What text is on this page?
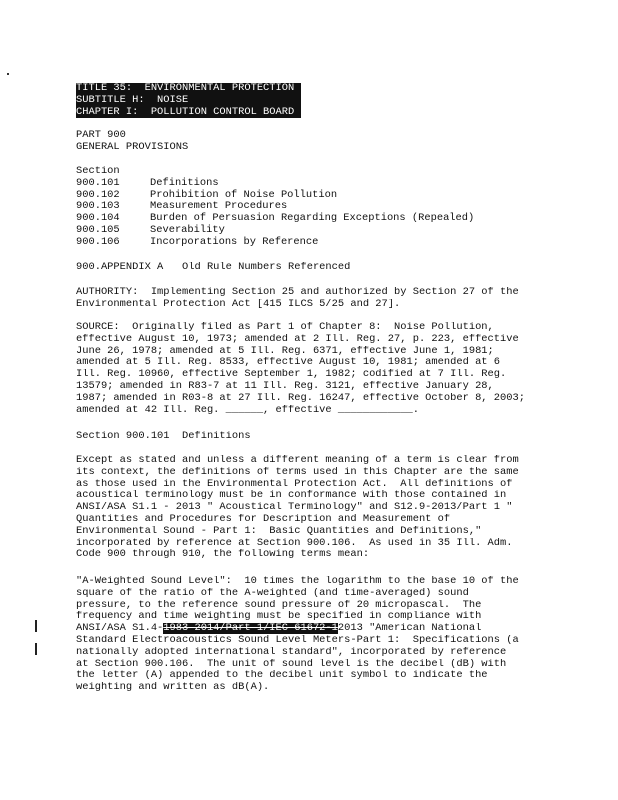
TITLE 35:  ENVIRONMENTAL PROTECTION
SUBTITLE H:  NOISE
CHAPTER I:  POLLUTION CONTROL BOARD
PART 900
GENERAL PROVISIONS
Section
900.101	Definitions
900.102	Prohibition of Noise Pollution
900.103	Measurement Procedures
900.104	Burden of Persuasion Regarding Exceptions (Repealed)
900.105	Severability
900.106	Incorporations by Reference
900.APPENDIX A   Old Rule Numbers Referenced
AUTHORITY:  Implementing Section 25 and authorized by Section 27 of the
Environmental Protection Act [415 ILCS 5/25 and 27].
SOURCE:  Originally filed as Part 1 of Chapter 8:  Noise Pollution,
effective August 10, 1973; amended at 2 Ill. Reg. 27, p. 223, effective
June 26, 1978; amended at 5 Ill. Reg. 6371, effective June 1, 1981;
amended at 5 Ill. Reg. 8533, effective August 10, 1981; amended at 6
Ill. Reg. 10960, effective September 1, 1982; codified at 7 Ill. Reg.
13579; amended in R83-7 at 11 Ill. Reg. 3121, effective January 28,
1987; amended in R03-8 at 27 Ill. Reg. 16247, effective October 8, 2003;
amended at 42 Ill. Reg. ______, effective ____________.
Section 900.101  Definitions
Except as stated and unless a different meaning of a term is clear from
its context, the definitions of terms used in this Chapter are the same
as those used in the Environmental Protection Act.  All definitions of
acoustical terminology must be in conformance with those contained in
ANSI/ASA S1.1 - 2013 " Acoustical Terminology" and S12.9-2013/Part 1 "
Quantities and Procedures for Description and Measurement of
Environmental Sound - Part 1:  Basic Quantities and Definitions,"
incorporated by reference at Section 900.106.  As used in 35 Ill. Adm.
Code 900 through 910, the following terms mean:
"A-Weighted Sound Level":  10 times the logarithm to the base 10 of the
square of the ratio of the A-weighted (and time-averaged) sound
pressure, to the reference sound pressure of 20 micropascal.  The
frequency and time weighting must be specified in compliance with
ANSI/ASA S1.4-1983 2014/Part 1/IEC 61672-12013 "American National
Standard Electroacoustics Sound Level Meters-Part 1:  Specifications (a
nationally adopted international standard", incorporated by reference
at Section 900.106.  The unit of sound level is the decibel (dB) with
the letter (A) appended to the decibel unit symbol to indicate the
weighting and written as dB(A).
